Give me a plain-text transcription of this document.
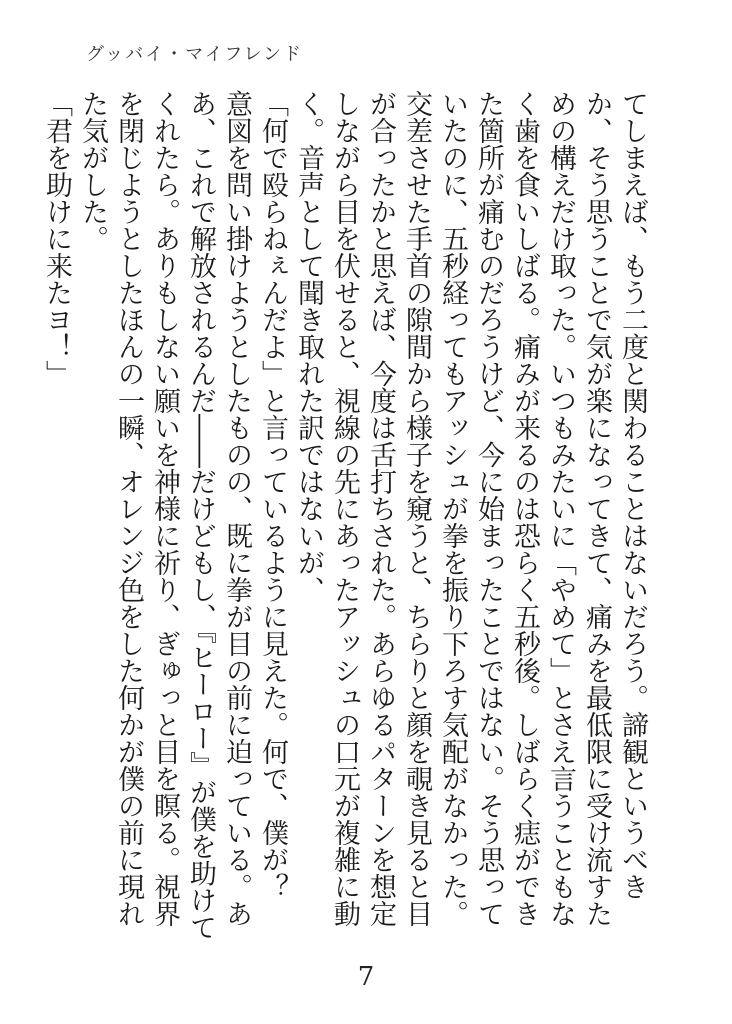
グッバイ・マイフレンド

てしまえば、もう二度と関わることはないだろう。諦観というべきか、そう思うことで気が楽になってきて、痛みを最低限に受け流すための構えだけ取った。いつもみたいに「やめて」とさえ言うこともなく歯を食いしばる。痛みが来るのは恐らく五秒後。しばらく痣ができた箇所が痛むのだろうけど、今に始まったことではない。そう思っていたのに、五秒経ってもアッシュが拳を振り下ろす気配がなかった。交差させた手首の隙間から様子を窺うと、ちらりと顔を覗き見ると目が合ったかと思えば、今度は舌打ちされた。あらゆるパターンを想定しながら目を伏せると、視線の先にあったアッシュの口元が複雑に動く。音声として聞き取れた訳ではないが、

「何で殴らねぇんだよ」と言っているように見えた。何で、僕が？　意図を問い掛けようとしたものの、既に拳が目の前に迫っている。ああ、これで解放されるんだ――だけどもし、『ヒーロー』が僕を助けてくれたら。ありもしない願いを神様に祈り、ぎゅっと目を瞑る。視界を閉じようとしたほんの一瞬、オレンジ色をした何かが僕の前に現れた気がした。

「君を助けに来たヨ！」

7
